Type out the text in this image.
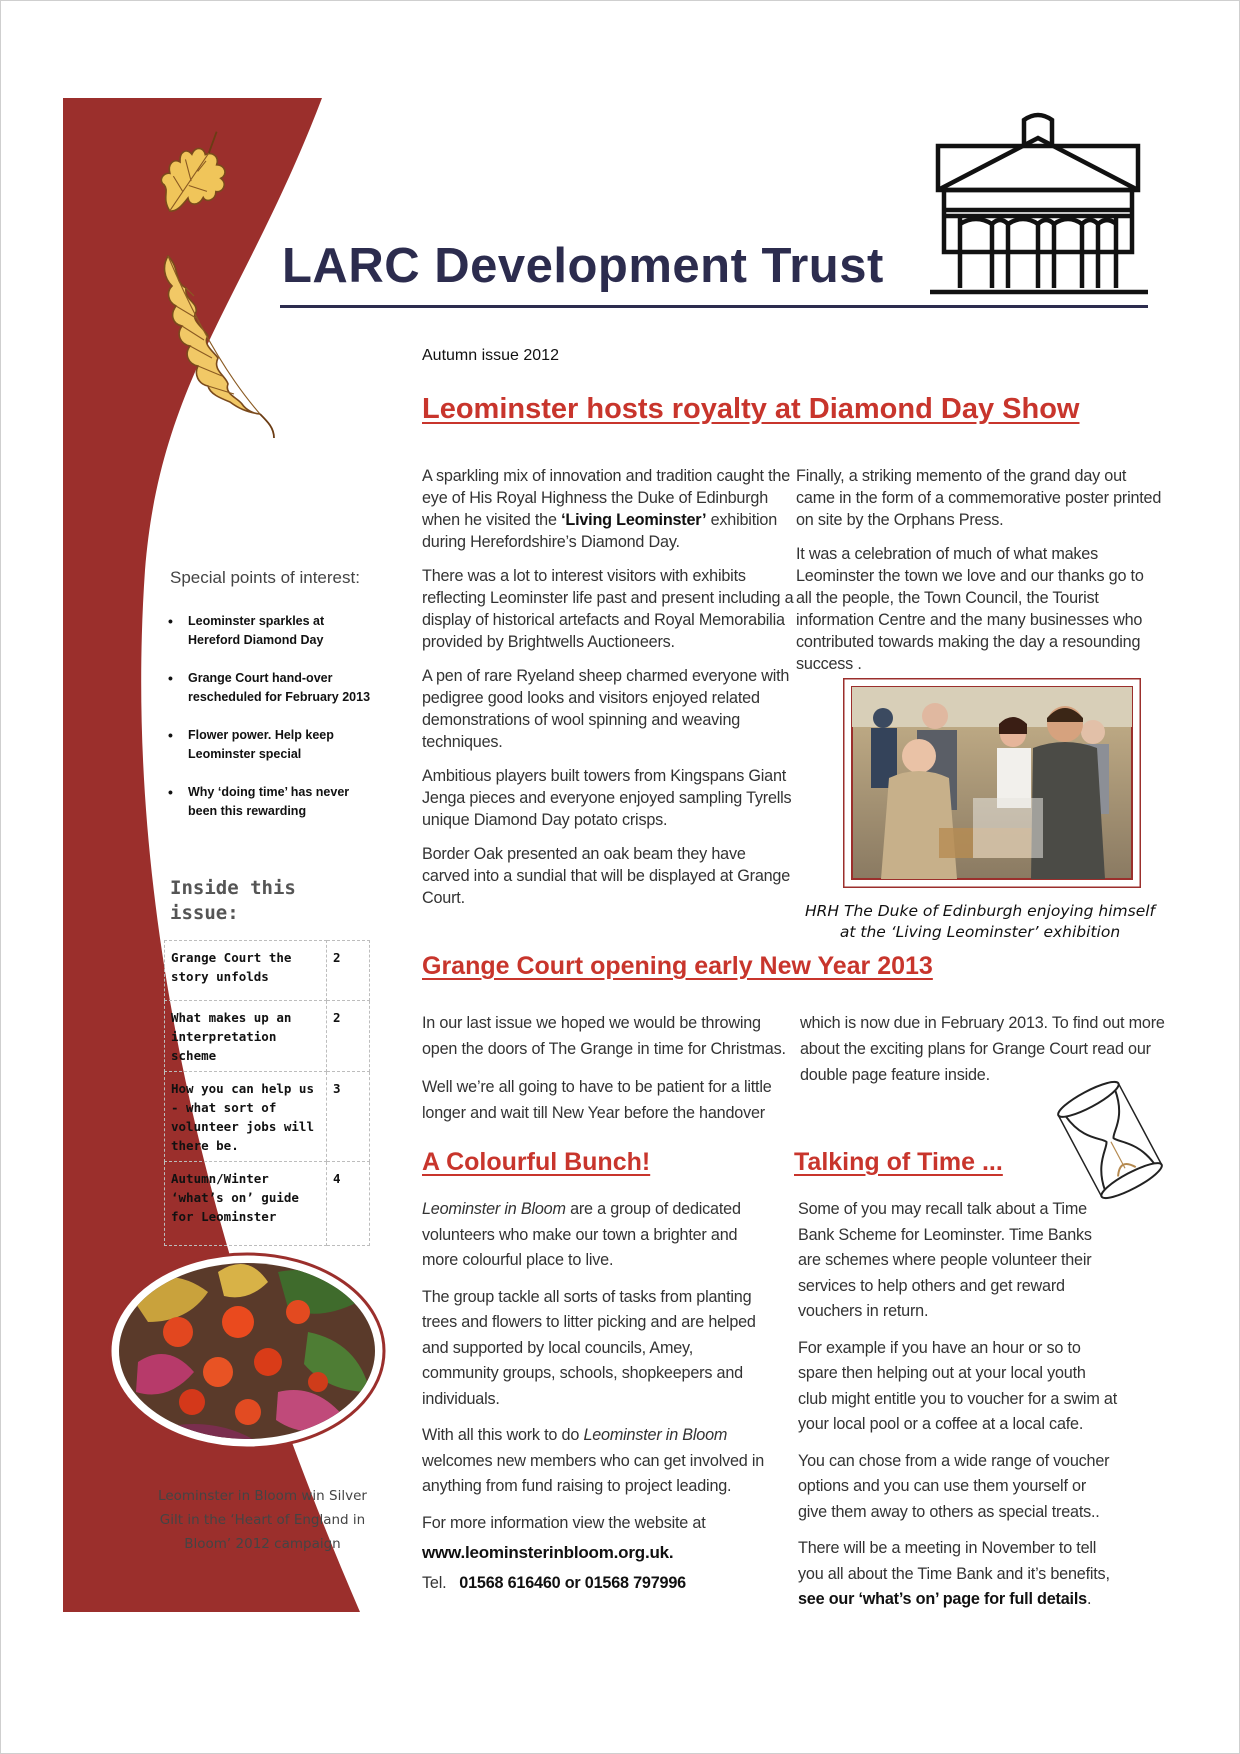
LARC Development Trust
Autumn issue 2012
Leominster hosts royalty at Diamond Day Show

A sparkling mix of innovation and tradition caught the eye of His Royal Highness the Duke of Edinburgh when he visited the ‘Living Leominster’ exhibition during Herefordshire’s Diamond Day.

There was a lot to interest visitors with exhibits reflecting Leominster life past and present including a display of historical artefacts and Royal Memorabilia provided by Brightwells Auctioneers.

A pen of rare Ryeland sheep charmed everyone with pedigree good looks and visitors enjoyed related demonstrations of wool spinning and weaving techniques.

Ambitious players built towers from Kingspans Giant Jenga pieces and everyone enjoyed sampling Tyrells unique Diamond Day potato crisps.

Border Oak presented an oak beam they have carved into a sundial that will be displayed at Grange Court.

Finally, a striking memento of the grand day out came in the form of a commemorative poster printed on site by the Orphans Press.

It was a celebration of much of what makes Leominster the town we love and our thanks go to all the people, the Town Council, the Tourist information Centre and the many businesses who contributed towards making the day a resounding success .

HRH The Duke of Edinburgh enjoying himself at the ‘Living Leominster’ exhibition
Grange Court opening early New Year 2013

In our last issue we hoped we would be throwing open the doors of The Grange in time for Christmas.

Well we’re all going to have to be patient for a little longer and wait till New Year before the handover

which is now due in February 2013. To find out more about the exciting plans for Grange Court read our double page feature inside.

A Colourful Bunch!

Leominster in Bloom are a group of dedicated volunteers who make our town a brighter and more colourful place to live.

The group tackle all sorts of tasks from planting trees and flowers to litter picking and are helped and supported by local councils, Amey, community groups, schools, shopkeepers and individuals.

With all this work to do Leominster in Bloom welcomes new members who can get involved in anything from fund raising to project leading.

For more information view the website at

www.leominsterinbloom.org.uk.

Tel. 01568 616460 or 01568 797996

Talking of Time ...

Some of you may recall talk about a Time Bank Scheme for Leominster. Time Banks are schemes where people volunteer their services to help others and get reward vouchers in return.

For example if you have an hour or so to spare then helping out at your local youth club might entitle you to voucher for a swim at your local pool or a coffee at a local cafe.

You can chose from a wide range of voucher options and you can use them yourself or give them away to others as special treats..

There will be a meeting in November to tell you all about the Time Bank and it’s benefits, see our ‘what’s on’ page for full details.

Special points of interest:
• Leominster sparkles at Hereford Diamond Day
• Grange Court hand-over rescheduled for February 2013
• Flower power. Help keep Leominster special
• Why ‘doing time’ has never been this rewarding
Inside this issue:
Grange Court the story unfolds	2
What makes up an interpretation scheme	2
How you can help us - what sort of volunteer jobs will there be.	3
Autumn/Winter ‘what’s on’ guide for Leominster	4
Leominster in Bloom win Silver Gilt in the ‘Heart of England in Bloom’ 2012 campaign
